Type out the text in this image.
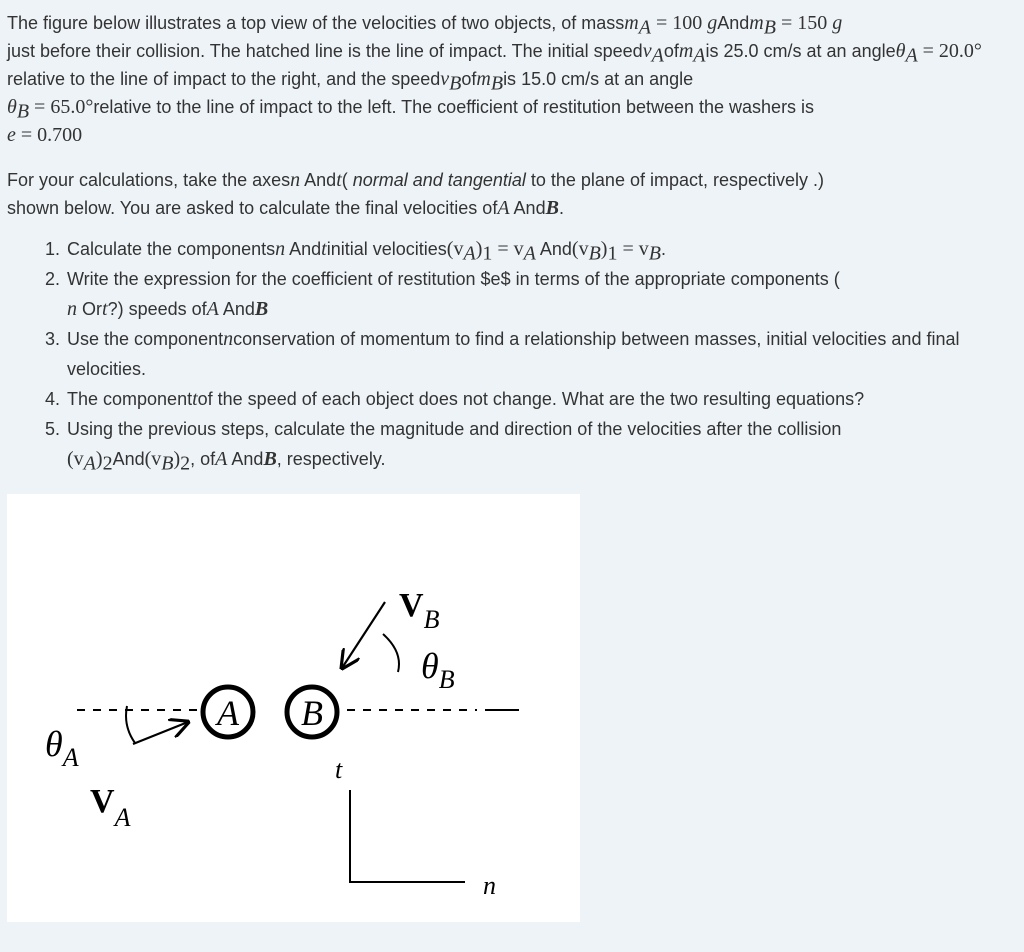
The figure below illustrates a top view of the velocities of two objects, of massm$_A$ = 100 gAndm$_B$ = 150 g
just before their collision. The hatched line is the line of impact. The initial speedv$_A$ofm$_A$is 25.0 cm/s at an angleθ$_A$ = 20.0° relative to the line of impact to the right, and the speedv$_B$ofm$_B$is 15.0 cm/s at an angle
$\theta_B$ = 65.0°relative to the line of impact to the left. The coefficient of restitution between the washers is
e = 0.700

For your calculations, take the axesn Andt( normal and tangential to the plane of impact, respectively .)
shown below. You are asked to calculate the final velocities ofA AndB.

1. Calculate the componentsn Andtinitial $velocities(v_A)_1 = v_A$ $And(v_B)_1 = v_B$.
2. Write the expression for the coefficient of restitution $e$ in terms of the appropriate components (
n Ort?) speeds ofA AndB
3. Use the componentnconservation of momentum to find a relationship between masses, initial velocities and final velocities.
4. The componenttof the speed of each object does not change. What are the two resulting equations?
5. Using the previous steps, calculate the magnitude and direction of the velocities after the collision
$(v_A)_2And(v_B)_2$, ofA AndB, respectively.
A B
$V_B$
$\theta_B$
$\theta_A$
$V_A$
t
n
